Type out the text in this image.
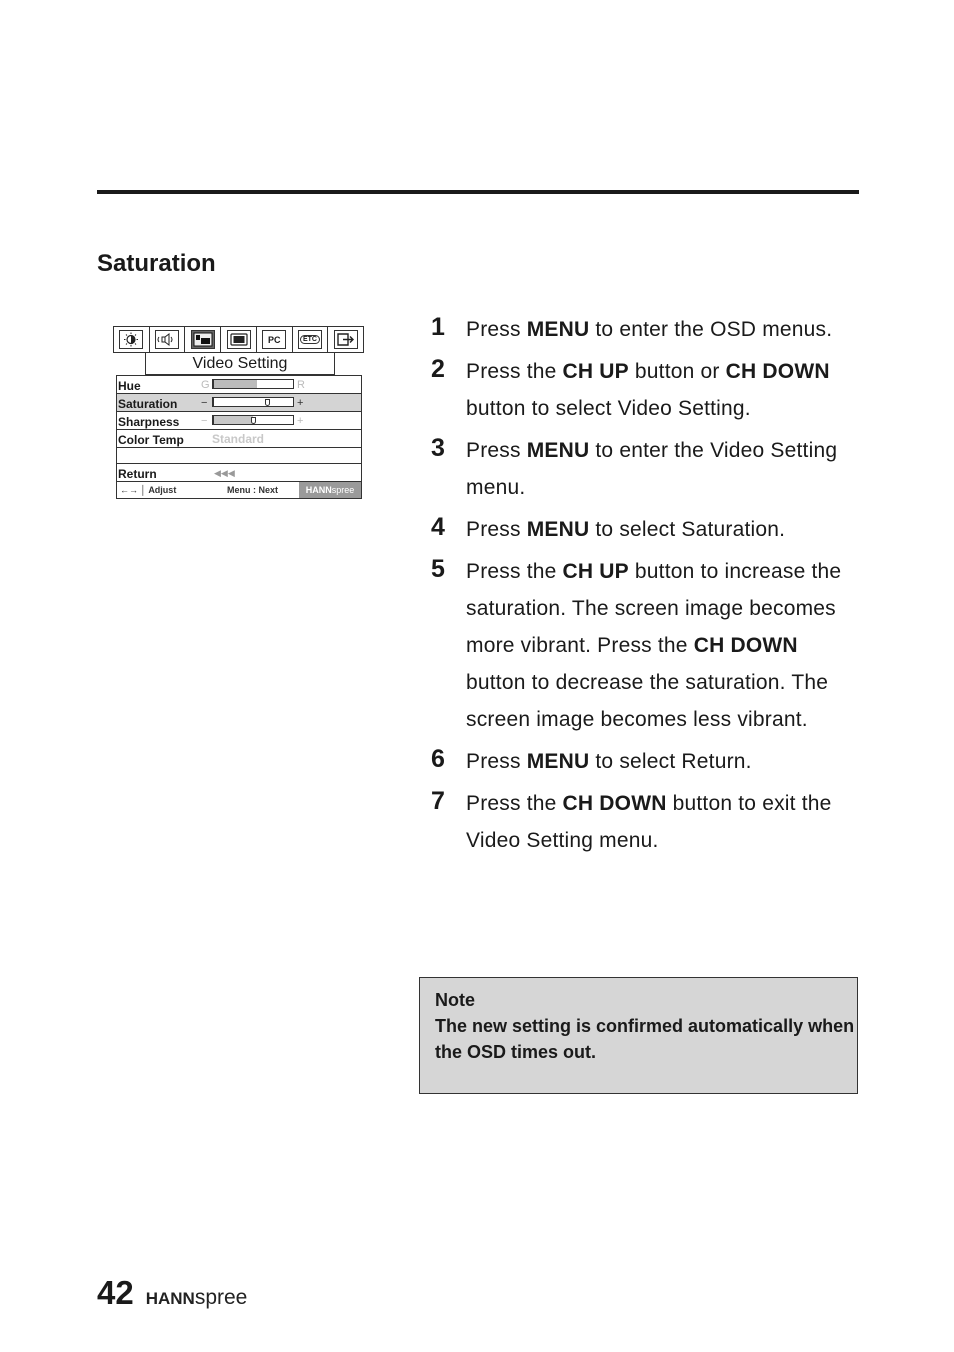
Saturation
PC	ETC
Video Setting
Hue	G	R
Saturation −	+
Sharpness −	+
Color Temp Standard
Return	◀◀◀
←→ │ Adjust	Menu : Next	HANNspree
1 Press MENU to enter the OSD menus.
2 Press the CH UP button or CH DOWN button to select Video Setting.
3 Press MENU to enter the Video Setting menu.
4 Press MENU to select Saturation.
5 Press the CH UP button to increase the saturation. The screen image becomes more vibrant. Press the CH DOWN button to decrease the saturation. The screen image becomes less vibrant.
6 Press MENU to select Return.
7 Press the CH DOWN button to exit the Video Setting menu.
Note
The new setting is confirmed automatically when the OSD times out.
42 HANNspree
